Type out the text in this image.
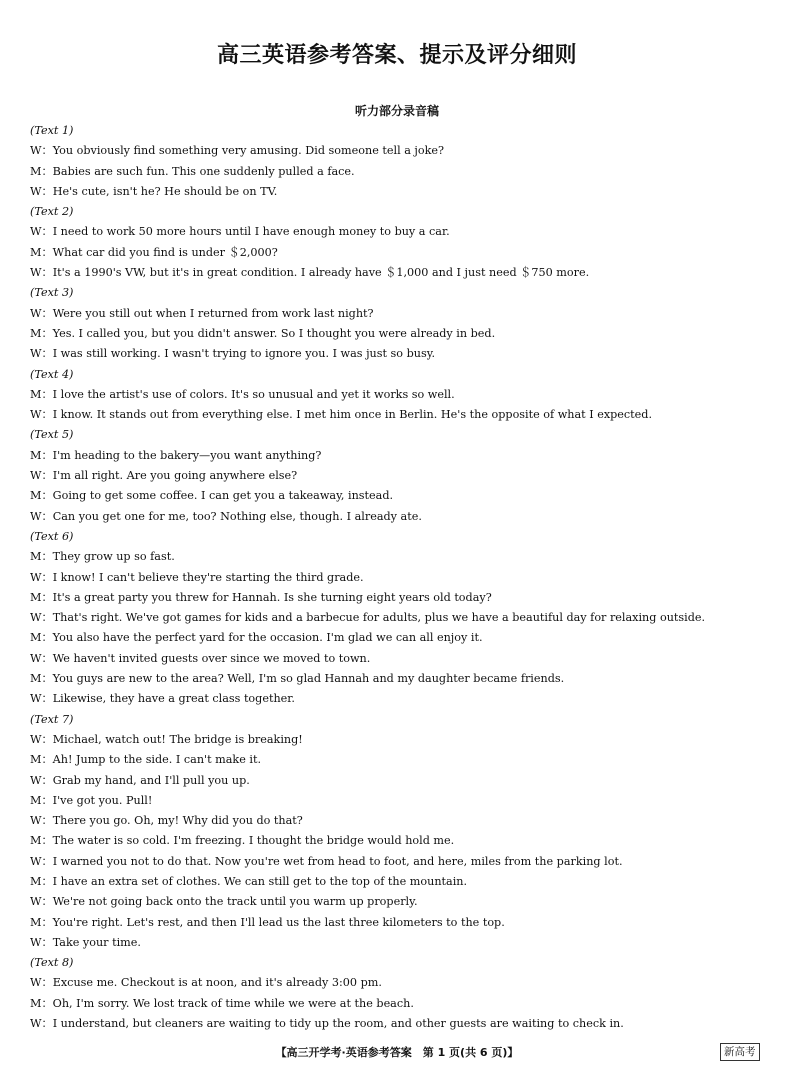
高三英语参考答案、提示及评分细则
听力部分录音稿
(Text 1)
W：You obviously find something very amusing. Did someone tell a joke?
M：Babies are such fun. This one suddenly pulled a face.
W：He's cute, isn't he? He should be on TV.
(Text 2)
W：I need to work 50 more hours until I have enough money to buy a car.
M：What car did you find is under ＄2,000?
W：It's a 1990's VW, but it's in great condition. I already have ＄1,000 and I just need ＄750 more.
(Text 3)
W：Were you still out when I returned from work last night?
M：Yes. I called you, but you didn't answer. So I thought you were already in bed.
W：I was still working. I wasn't trying to ignore you. I was just so busy.
(Text 4)
M：I love the artist's use of colors. It's so unusual and yet it works so well.
W：I know. It stands out from everything else. I met him once in Berlin. He's the opposite of what I expected.
(Text 5)
M：I'm heading to the bakery—you want anything?
W：I'm all right. Are you going anywhere else?
M：Going to get some coffee. I can get you a takeaway, instead.
W：Can you get one for me, too? Nothing else, though. I already ate.
(Text 6)
M：They grow up so fast.
W：I know! I can't believe they're starting the third grade.
M：It's a great party you threw for Hannah. Is she turning eight years old today?
W：That's right. We've got games for kids and a barbecue for adults, plus we have a beautiful day for relaxing outside.
M：You also have the perfect yard for the occasion. I'm glad we can all enjoy it.
W：We haven't invited guests over since we moved to town.
M：You guys are new to the area? Well, I'm so glad Hannah and my daughter became friends.
W：Likewise, they have a great class together.
(Text 7)
W：Michael, watch out! The bridge is breaking!
M：Ah! Jump to the side. I can't make it.
W：Grab my hand, and I'll pull you up.
M：I've got you. Pull!
W：There you go. Oh, my! Why did you do that?
M：The water is so cold. I'm freezing. I thought the bridge would hold me.
W：I warned you not to do that. Now you're wet from head to foot, and here, miles from the parking lot.
M：I have an extra set of clothes. We can still get to the top of the mountain.
W：We're not going back onto the track until you warm up properly.
M：You're right. Let's rest, and then I'll lead us the last three kilometers to the top.
W：Take your time.
(Text 8)
W：Excuse me. Checkout is at noon, and it's already 3:00 pm.
M：Oh, I'm sorry. We lost track of time while we were at the beach.
W：I understand, but cleaners are waiting to tidy up the room, and other guests are waiting to check in.
【高三开学考·英语参考答案　第 1 页(共 6 页)】	新高考
